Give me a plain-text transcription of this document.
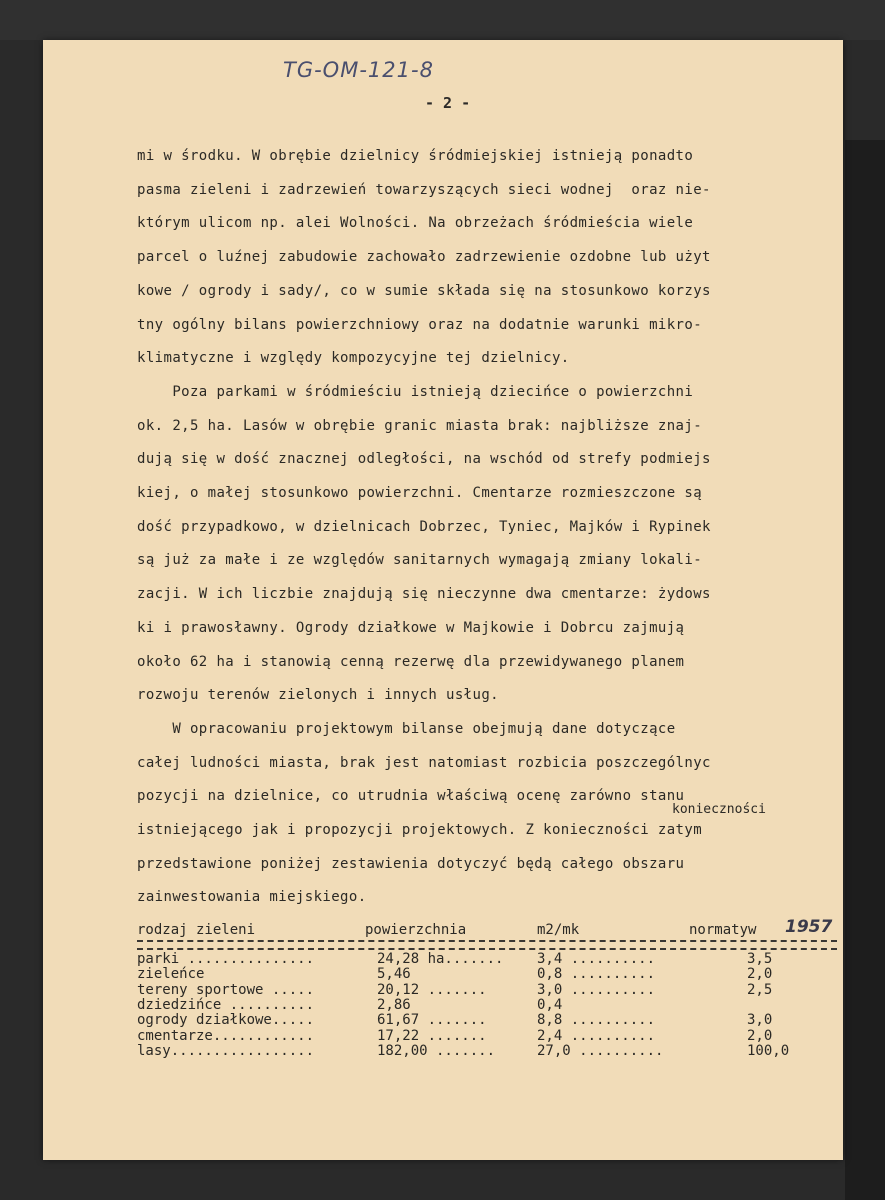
TG-OM-121-8
- 2 -
mi w środku. W obrębie dzielnicy śródmiejskiej istnieją ponadto
pasma zieleni i zadrzewień towarzyszących sieci wodnej  oraz nie-
którym ulicom np. alei Wolności. Na obrzeżach śródmieścia wiele
parcel o luźnej zabudowie zachowało zadrzewienie ozdobne lub użyt
kowe / ogrody i sady/, co w sumie składa się na stosunkowo korzys
tny ogólny bilans powierzchniowy oraz na dodatnie warunki mikro-
klimatyczne i względy kompozycyjne tej dzielnicy.
Poza parkami w śródmieściu istnieją dziecińce o powierzchni
ok. 2,5 ha. Lasów w obrębie granic miasta brak: najbliższe znaj-
dują się w dość znacznej odległości, na wschód od strefy podmiejs
kiej, o małej stosunkowo powierzchni. Cmentarze rozmieszczone są
dość przypadkowo, w dzielnicach Dobrzec, Tyniec, Majków i Rypinek
są już za małe i ze względów sanitarnych wymagają zmiany lokali-
zacji. W ich liczbie znajdują się nieczynne dwa cmentarze: żydows
ki i prawosławny. Ogrody działkowe w Majkowie i Dobrcu zajmują
około 62 ha i stanowią cenną rezerwę dla przewidywanego planem
rozwoju terenów zielonych i innych usług.
W opracowaniu projektowym bilanse obejmują dane dotyczące
całej ludności miasta, brak jest natomiast rozbicia poszczególnyc
pozycji na dzielnice, co utrudnia właściwą ocenę zarówno stanu
istniejącego jak i propozycji projektowych. Z konieczności zatym
przedstawione poniżej zestawienia dotyczyć będą całego obszaru
zainwestowania miejskiego.
konieczności
rodzaj zieleni	powierzchnia	m2/mk	normatyw 1957
parki ...............	24,28 ha....... 3,4 ..........	3,5
zieleńce	5,46	0,8 ..........	2,0
tereny sportowe .....	20,12 .......	3,0 ..........	2,5
dziedzińce ..........	2,86	0,4
ogrody działkowe.....	61,67 .......	8,8 ..........	3,0
cmentarze............	17,22 .......	2,4 ..........	2,0
lasy.................	182,00 .......	27,0 ..........	100,0
